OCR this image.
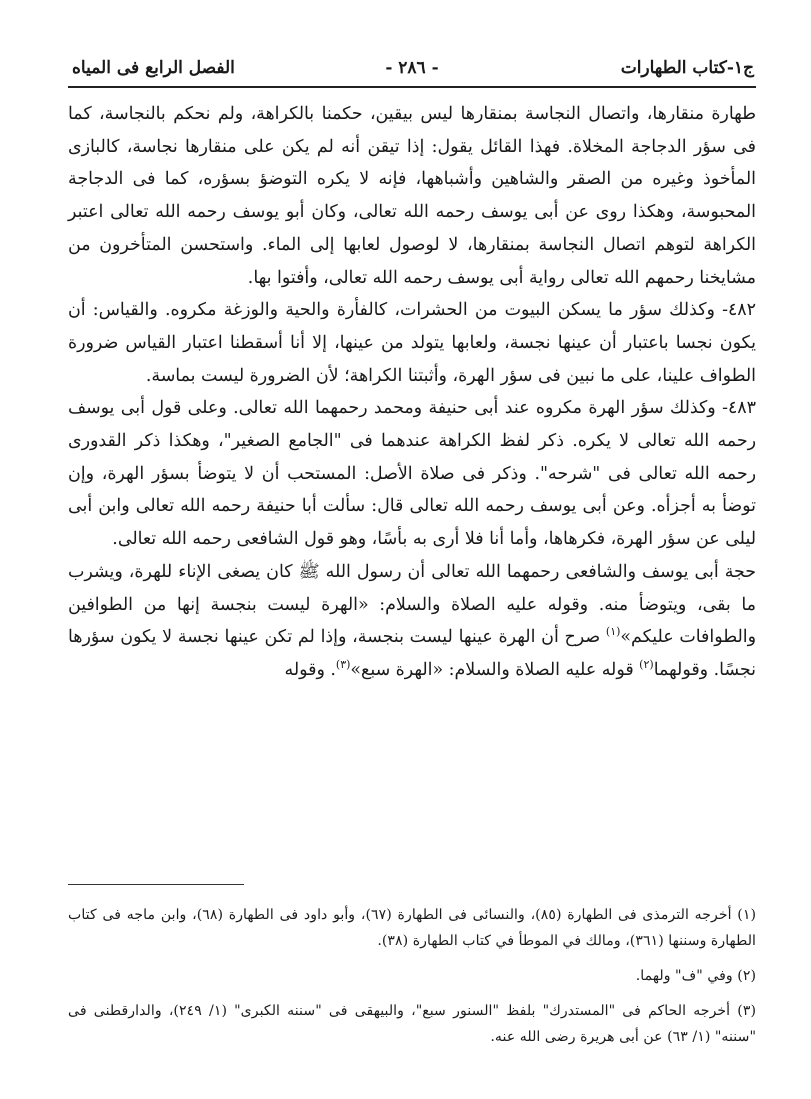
ج١-كتاب الطهارات
- ٢٨٦ -
الفصل الرابع فى المياه

طهارة منقارها، واتصال النجاسة بمنقارها ليس بيقين، حكمنا بالكراهة، ولم نحكم بالنجاسة، كما فى سؤر الدجاجة المخلاة. فهذا القائل يقول: إذا تيقن أنه لم يكن على منقارها نجاسة، كالبازى المأخوذ وغيره من الصقر والشاهين وأشباهها، فإنه لا يكره التوضؤ بسؤره، كما فى الدجاجة المحبوسة، وهكذا روى عن أبى يوسف رحمه الله تعالى، وكان أبو يوسف رحمه الله تعالى اعتبر الكراهة لتوهم اتصال النجاسة بمنقارها، لا لوصول لعابها إلى الماء. واستحسن المتأخرون من مشايخنا رحمهم الله تعالى رواية أبى يوسف رحمه الله تعالى، وأفتوا بها.

٤٨٢- وكذلك سؤر ما يسكن البيوت من الحشرات، كالفأرة والحية والوزغة مكروه. والقياس: أن يكون نجسا باعتبار أن عينها نجسة، ولعابها يتولد من عينها، إلا أنا أسقطنا اعتبار القياس ضرورة الطواف علينا، على ما نبين فى سؤر الهرة، وأثبتنا الكراهة؛ لأن الضرورة ليست بماسة.

٤٨٣- وكذلك سؤر الهرة مكروه عند أبى حنيفة ومحمد رحمهما الله تعالى. وعلى قول أبى يوسف رحمه الله تعالى لا يكره. ذكر لفظ الكراهة عندهما فى "الجامع الصغير"، وهكذا ذكر القدورى رحمه الله تعالى فى "شرحه". وذكر فى صلاة الأصل: المستحب أن لا يتوضأ بسؤر الهرة، وإن توضأ به أجزأه. وعن أبى يوسف رحمه الله تعالى قال: سألت أبا حنيفة رحمه الله تعالى وابن أبى ليلى عن سؤر الهرة، فكرهاها، وأما أنا فلا أرى به بأسًا، وهو قول الشافعى رحمه الله تعالى.

حجة أبى يوسف والشافعى رحمهما الله تعالى أن رسول الله ﷺ كان يصغى الإناء للهرة، ويشرب ما بقى، ويتوضأ منه. وقوله عليه الصلاة والسلام: «الهرة ليست بنجسة إنها من الطوافين والطوافات عليكم»$^{(١)}$ صرح أن الهرة عينها ليست بنجسة، وإذا لم تكن عينها نجسة لا يكون سؤرها نجسًا. وقولهما$^{(٢)}$ قوله عليه الصلاة والسلام: «الهرة سبع»$^{(٣)}$. وقوله

(١) أخرجه الترمذى فى الطهارة (٨٥)، والنسائى فى الطهارة (٦٧)، وأبو داود فى الطهارة (٦٨)، وابن ماجه فى كتاب الطهارة وسننها (٣٦١)، ومالك في الموطأ في كتاب الطهارة (٣٨).

(٢) وفي "ف" ولهما.

(٣) أخرجه الحاكم فى "المستدرك" بلفظ "السنور سبع"، والبيهقى فى "سننه الكبرى" (١/ ٢٤٩)، والدارقطنى فى "سننه" (١/ ٦٣) عن أبى هريرة رضى الله عنه.
